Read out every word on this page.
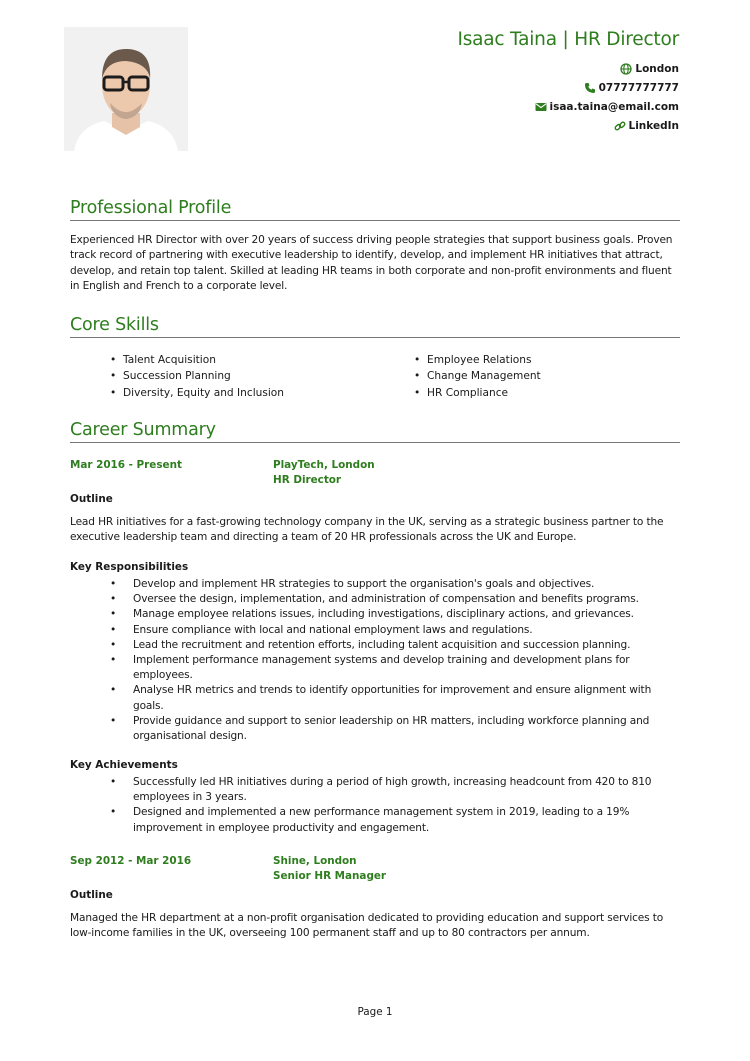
Isaac Taina | HR Director
London
07777777777
isaa.taina@email.com
LinkedIn
Professional Profile
Experienced HR Director with over 20 years of success driving people strategies that support business goals. Proven track record of partnering with executive leadership to identify, develop, and implement HR initiatives that attract, develop, and retain top talent. Skilled at leading HR teams in both corporate and non-profit environments and fluent in English and French to a corporate level.
Core Skills
• Talent Acquisition
• Succession Planning
• Diversity, Equity and Inclusion
• Employee Relations
• Change Management
• HR Compliance
Career Summary
Mar 2016 - Present	PlayTech, London
HR Director
Outline
Lead HR initiatives for a fast-growing technology company in the UK, serving as a strategic business partner to the executive leadership team and directing a team of 20 HR professionals across the UK and Europe.
Key Responsibilities
• Develop and implement HR strategies to support the organisation's goals and objectives.
• Oversee the design, implementation, and administration of compensation and benefits programs.
• Manage employee relations issues, including investigations, disciplinary actions, and grievances.
• Ensure compliance with local and national employment laws and regulations.
• Lead the recruitment and retention efforts, including talent acquisition and succession planning.
• Implement performance management systems and develop training and development plans for employees.
• Analyse HR metrics and trends to identify opportunities for improvement and ensure alignment with goals.
• Provide guidance and support to senior leadership on HR matters, including workforce planning and organisational design.
Key Achievements
• Successfully led HR initiatives during a period of high growth, increasing headcount from 420 to 810 employees in 3 years.
• Designed and implemented a new performance management system in 2019, leading to a 19% improvement in employee productivity and engagement.
Sep 2012 - Mar 2016	Shine, London
Senior HR Manager
Outline
Managed the HR department at a non-profit organisation dedicated to providing education and support services to low-income families in the UK, overseeing 100 permanent staff and up to 80 contractors per annum.
Page 1
